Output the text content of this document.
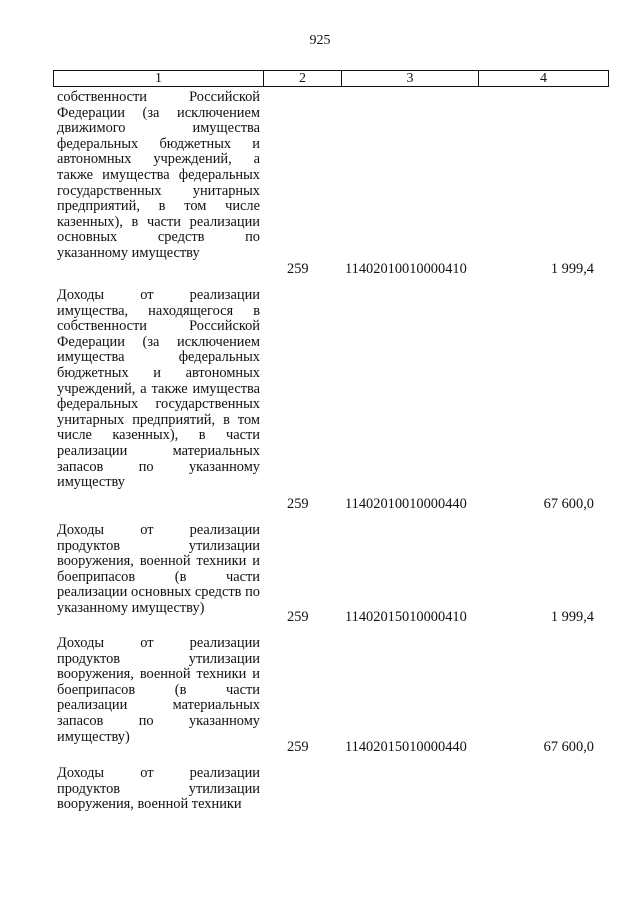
925
1	2	3	4
собственности Российской Федерации (за исключением движимого имущества федеральных бюджетных и автономных учреждений, а также имущества федеральных государственных унитарных предприятий, в том числе казенных), в части реализации основных средств по указанному имуществу
259	11402010010000410	1 999,4
Доходы от реализации имущества, находящегося в собственности Российской Федерации (за исключением имущества федеральных бюджетных и автономных учреждений, а также имущества федеральных государственных унитарных предприятий, в том числе казенных), в части реализации материальных запасов по указанному имуществу
259	11402010010000440	67 600,0
Доходы от реализации продуктов утилизации вооружения, военной техники и боеприпасов (в части реализации основных средств по указанному имуществу)
259	11402015010000410	1 999,4
Доходы от реализации продуктов утилизации вооружения, военной техники и боеприпасов (в части реализации материальных запасов по указанному имуществу)
259	11402015010000440	67 600,0
Доходы от реализации продуктов утилизации вооружения, военной техники
